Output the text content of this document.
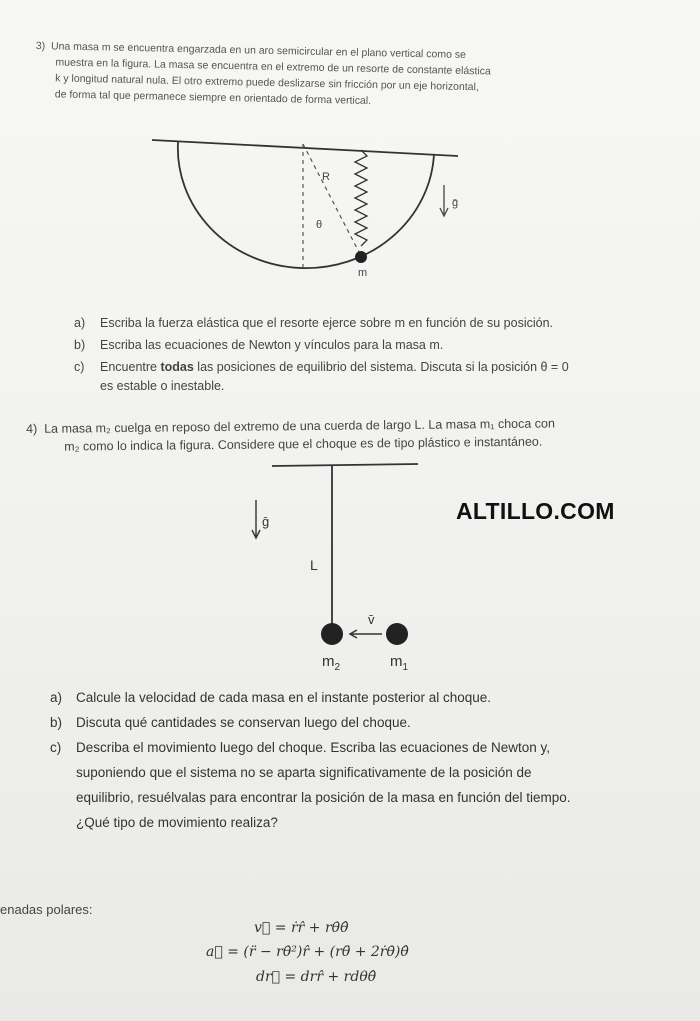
3) Una masa m se encuentra engarzada en un aro semicircular en el plano vertical como se
muestra en la figura. La masa se encuentra en el extremo de un resorte de constante elástica
k y longitud natural nula. El otro extremo puede deslizarse sin fricción por un eje horizontal,
de forma tal que permanece siempre en orientado de forma vertical.
R
θ
m
ḡ
a) Escriba la fuerza elástica que el resorte ejerce sobre m en función de su posición.
b) Escriba las ecuaciones de Newton y vínculos para la masa m.
c) Encuentre todas las posiciones de equilibrio del sistema. Discuta si la posición θ = 0
es estable o inestable.
4) La masa m₂ cuelga en reposo del extremo de una cuerda de largo L. La masa m₁ choca con
m₂ como lo indica la figura. Considere que el choque es de tipo plástico e instantáneo.
v̄
L
ḡ
$m_2$	$m_1$
ALTILLO.COM
a) Calcule la velocidad de cada masa en el instante posterior al choque.
b) Discuta qué cantidades se conservan luego del choque.
c) Describa el movimiento luego del choque. Escriba las ecuaciones de Newton y,
suponiendo que el sistema no se aparta significativamente de la posición de
equilibrio, resuélvalas para encontrar la posición de la masa en función del tiempo.
¿Qué tipo de movimiento realiza?
enadas polares:
v⃗ = ṙr̂ + rθ̇θ̂
a⃗ = (r̈ − rθ̇²)r̂ + (rθ̈ + 2ṙθ̇)θ̂
dr⃗ = drr̂ + rdθθ̂
